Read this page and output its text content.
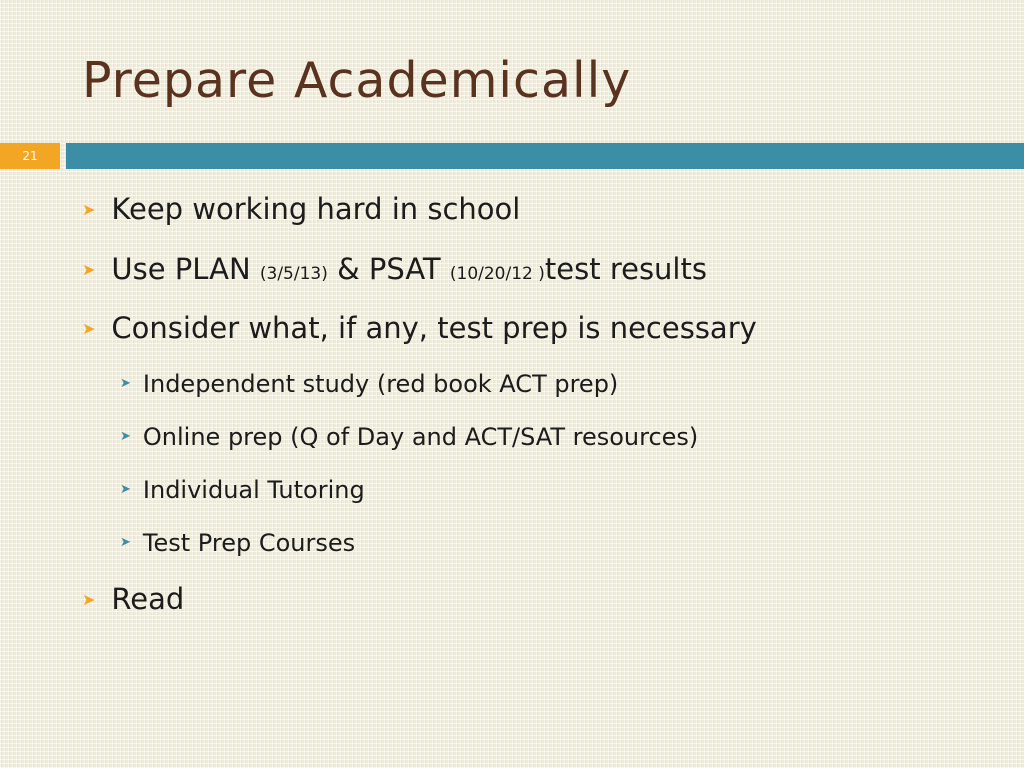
Prepare Academically
21
➤ Keep working hard in school
➤ Use PLAN (3/5/13) & PSAT (10/20/12 )test results
➤ Consider what, if any, test prep is necessary
➤ Independent study (red book ACT prep)
➤ Online prep (Q of Day and ACT/SAT resources)
➤ Individual Tutoring
➤ Test Prep Courses
➤ Read
